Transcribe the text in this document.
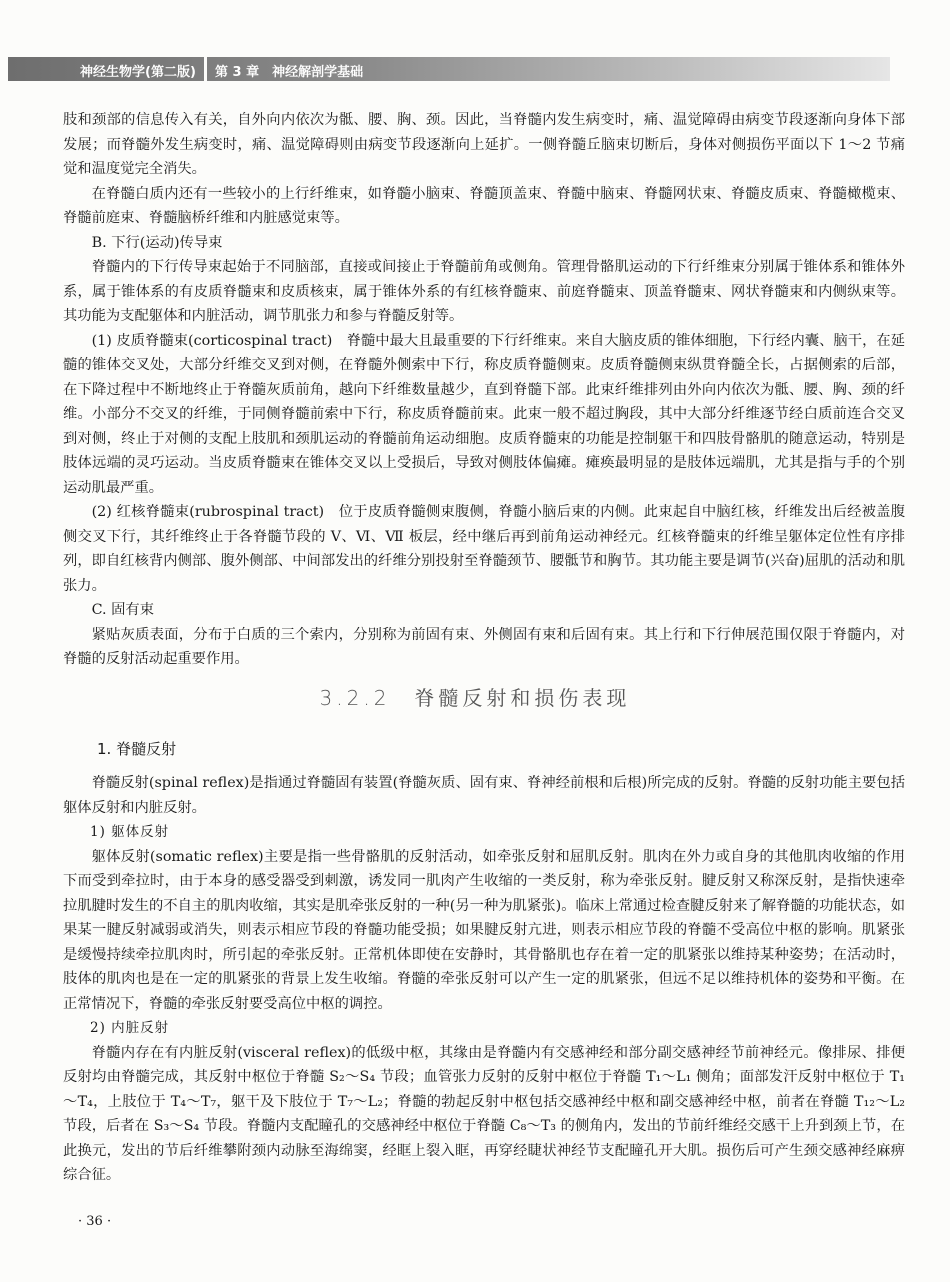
神经生物学(第二版) 第 3 章　神经解剖学基础

肢和颈部的信息传入有关，自外向内依次为骶、腰、胸、颈。因此，当脊髓内发生病变时，痛、温觉障碍由病变节段逐渐向身体下部发展；而脊髓外发生病变时，痛、温觉障碍则由病变节段逐渐向上延扩。一侧脊髓丘脑束切断后，身体对侧损伤平面以下 1～2 节痛觉和温度觉完全消失。

在脊髓白质内还有一些较小的上行纤维束，如脊髓小脑束、脊髓顶盖束、脊髓中脑束、脊髓网状束、脊髓皮质束、脊髓橄榄束、脊髓前庭束、脊髓脑桥纤维和内脏感觉束等。

B. 下行(运动)传导束

脊髓内的下行传导束起始于不同脑部，直接或间接止于脊髓前角或侧角。管理骨骼肌运动的下行纤维束分别属于锥体系和锥体外系，属于锥体系的有皮质脊髓束和皮质核束，属于锥体外系的有红核脊髓束、前庭脊髓束、顶盖脊髓束、网状脊髓束和内侧纵束等。其功能为支配躯体和内脏活动，调节肌张力和参与脊髓反射等。

(1) 皮质脊髓束(corticospinal tract)　脊髓中最大且最重要的下行纤维束。来自大脑皮质的锥体细胞，下行经内囊、脑干，在延髓的锥体交叉处，大部分纤维交叉到对侧，在脊髓外侧索中下行，称皮质脊髓侧束。皮质脊髓侧束纵贯脊髓全长，占据侧索的后部，在下降过程中不断地终止于脊髓灰质前角，越向下纤维数量越少，直到脊髓下部。此束纤维排列由外向内依次为骶、腰、胸、颈的纤维。小部分不交叉的纤维，于同侧脊髓前索中下行，称皮质脊髓前束。此束一般不超过胸段，其中大部分纤维逐节经白质前连合交叉到对侧，终止于对侧的支配上肢肌和颈肌运动的脊髓前角运动细胞。皮质脊髓束的功能是控制躯干和四肢骨骼肌的随意运动，特别是肢体远端的灵巧运动。当皮质脊髓束在锥体交叉以上受损后，导致对侧肢体偏瘫。瘫痪最明显的是肢体远端肌，尤其是指与手的个别运动肌最严重。

(2) 红核脊髓束(rubrospinal tract)　位于皮质脊髓侧束腹侧，脊髓小脑后束的内侧。此束起自中脑红核，纤维发出后经被盖腹侧交叉下行，其纤维终止于各脊髓节段的 Ⅴ、Ⅵ、Ⅶ 板层，经中继后再到前角运动神经元。红核脊髓束的纤维呈躯体定位性有序排列，即自红核背内侧部、腹外侧部、中间部发出的纤维分别投射至脊髓颈节、腰骶节和胸节。其功能主要是调节(兴奋)屈肌的活动和肌张力。

C. 固有束

紧贴灰质表面，分布于白质的三个索内，分别称为前固有束、外侧固有束和后固有束。其上行和下行伸展范围仅限于脊髓内，对脊髓的反射活动起重要作用。

3.2.2　脊髓反射和损伤表现
1. 脊髓反射

脊髓反射(spinal reflex)是指通过脊髓固有装置(脊髓灰质、固有束、脊神经前根和后根)所完成的反射。脊髓的反射功能主要包括躯体反射和内脏反射。

1) 躯体反射

躯体反射(somatic reflex)主要是指一些骨骼肌的反射活动，如牵张反射和屈肌反射。肌肉在外力或自身的其他肌肉收缩的作用下而受到牵拉时，由于本身的感受器受到刺激，诱发同一肌肉产生收缩的一类反射，称为牵张反射。腱反射又称深反射，是指快速牵拉肌腱时发生的不自主的肌肉收缩，其实是肌牵张反射的一种(另一种为肌紧张)。临床上常通过检查腱反射来了解脊髓的功能状态，如果某一腱反射减弱或消失，则表示相应节段的脊髓功能受损；如果腱反射亢进，则表示相应节段的脊髓不受高位中枢的影响。肌紧张是缓慢持续牵拉肌肉时，所引起的牵张反射。正常机体即使在安静时，其骨骼肌也存在着一定的肌紧张以维持某种姿势；在活动时，肢体的肌肉也是在一定的肌紧张的背景上发生收缩。脊髓的牵张反射可以产生一定的肌紧张，但远不足以维持机体的姿势和平衡。在正常情况下，脊髓的牵张反射要受高位中枢的调控。

2) 内脏反射

脊髓内存在有内脏反射(visceral reflex)的低级中枢，其缘由是脊髓内有交感神经和部分副交感神经节前神经元。像排尿、排便反射均由脊髓完成，其反射中枢位于脊髓 S₂～S₄ 节段；血管张力反射的反射中枢位于脊髓 T₁～L₁ 侧角；面部发汗反射中枢位于 T₁～T₄，上肢位于 T₄～T₇，躯干及下肢位于 T₇～L₂；脊髓的勃起反射中枢包括交感神经中枢和副交感神经中枢，前者在脊髓 T₁₂～L₂ 节段，后者在 S₃～S₄ 节段。脊髓内支配瞳孔的交感神经中枢位于脊髓 C₈～T₃ 的侧角内，发出的节前纤维经交感干上升到颈上节，在此换元，发出的节后纤维攀附颈内动脉至海绵窦，经眶上裂入眶，再穿经睫状神经节支配瞳孔开大肌。损伤后可产生颈交感神经麻痹综合征。

· 36 ·
